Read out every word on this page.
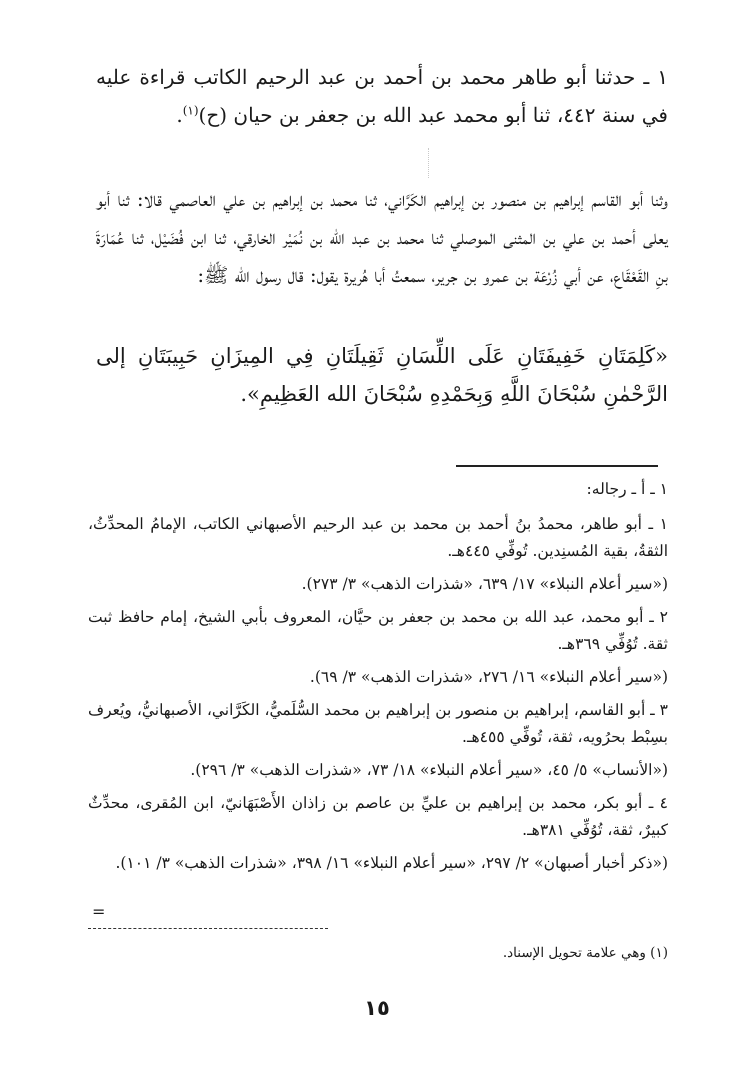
١ ـ حدثنا أبو طاهر محمد بن أحمد بن عبد الرحيم الكاتب قراءة عليه في سنة ٤٤٢، ثنا أبو محمد عبد الله بن جعفر بن حيان (ح)$^{(١)}$.
وثنا أبو القاسم إبراهيم بن منصور بن إبراهيم الكَرَّاني، ثنا محمد بن إبراهيم بن علي العاصمي قالا: ثنا أبو يعلى أحمد بن علي بن المثنى الموصلي ثنا محمد بن عبد الله بن نُمَيْر الخارقي، ثنا ابن فُضَيْل، ثنا عُمَارَةَ بنِ القَعْقَاع، عن أبي زُرْعَة بن عمرو بن جرير، سمعتُ أبا هُريرة يقول: قال رسول الله ﷺ:
«كَلِمَتَانِ خَفِيفَتَانِ عَلَى اللِّسَانِ ثَقِيلَتَانِ فِي المِيزَانِ حَبِيبَتَانِ إلى الرَّحْمٰنِ سُبْحَانَ اللَّهِ وَبِحَمْدِهِ سُبْحَانَ الله العَظِيمِ».

١ ـ أ ـ رجاله:

١ ـ أبو طاهر، محمدُ بنُ أحمد بن محمد بن عبد الرحيم الأصبهاني الكاتب، الإمامُ المحدِّثُ، الثقةُ، بقية المُسنِدين. تُوفِّي ٤٤٥هـ.

(«سير أعلام النبلاء» ١٧/ ٦٣٩، «شذرات الذهب» ٣/ ٢٧٣).

٢ ـ أبو محمد، عبد الله بن محمد بن جعفر بن حيَّان، المعروف بأبي الشيخ، إمام حافظ ثبت ثقة. تُوُفِّي ٣٦٩هـ.

(«سير أعلام النبلاء» ١٦/ ٢٧٦، «شذرات الذهب» ٣/ ٦٩).

٣ ـ أبو القاسم، إبراهيم بن منصور بن إبراهيم بن محمد السُّلَميُّ، الكَرَّاني، الأصبهانيُّ، ويُعرف بسِبْط بحرُويه، ثقة، تُوفِّي ٤٥٥هـ.

(«الأنساب» ٥/ ٤٥، «سير أعلام النبلاء» ١٨/ ٧٣، «شذرات الذهب» ٣/ ٢٩٦).

٤ ـ أبو بكر، محمد بن إبراهيم بن عليِّ بن عاصم بن زاذان الأَصْبَهَانيّ، ابن المُقرى، محدِّثٌ كبيرٌ، ثقة، تُوُفِّي ٣٨١هـ.

(«ذكر أخبار أصبهان» ٢/ ٢٩٧، «سير أعلام النبلاء» ١٦/ ٣٩٨، «شذرات الذهب» ٣/ ١٠١).

=
(١) وهي علامة تحويل الإسناد.
١٥
